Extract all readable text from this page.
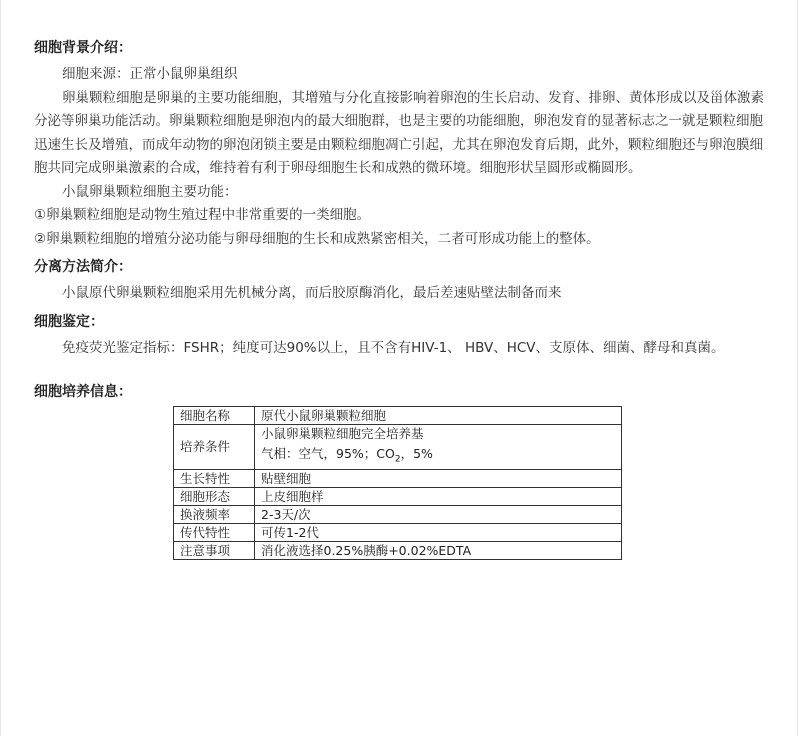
细胞背景介绍：

细胞来源：正常小鼠卵巢组织

卵巢颗粒细胞是卵巢的主要功能细胞，其增殖与分化直接影响着卵泡的生长启动、发育、排卵、黄体形成以及甾体激素分泌等卵巢功能活动。卵巢颗粒细胞是卵泡内的最大细胞群，也是主要的功能细胞，卵泡发育的显著标志之一就是颗粒细胞迅速生长及增殖，而成年动物的卵泡闭锁主要是由颗粒细胞凋亡引起，尤其在卵泡发育后期，此外，颗粒细胞还与卵泡膜细胞共同完成卵巢激素的合成，维持着有利于卵母细胞生长和成熟的微环境。细胞形状呈圆形或椭圆形。

小鼠卵巢颗粒细胞主要功能：

①卵巢颗粒细胞是动物生殖过程中非常重要的一类细胞。

②卵巢颗粒细胞的增殖分泌功能与卵母细胞的生长和成熟紧密相关，二者可形成功能上的整体。

分离方法简介：

小鼠原代卵巢颗粒细胞采用先机械分离，而后胶原酶消化，最后差速贴壁法制备而来

细胞鉴定：

免疫荧光鉴定指标：FSHR；纯度可达90%以上，且不含有HIV-1、 HBV、HCV、支原体、细菌、酵母和真菌。

细胞培养信息：
细胞名称	原代小鼠卵巢颗粒细胞
培养条件	小鼠卵巢颗粒细胞完全培养基
气相：空气，95%；$CO_2$，5%

生长特性	贴壁细胞
细胞形态	上皮细胞样
换液频率	2-3天/次
传代特性	可传1-2代
注意事项	消化液选择0.25%胰酶+0.02%EDTA
